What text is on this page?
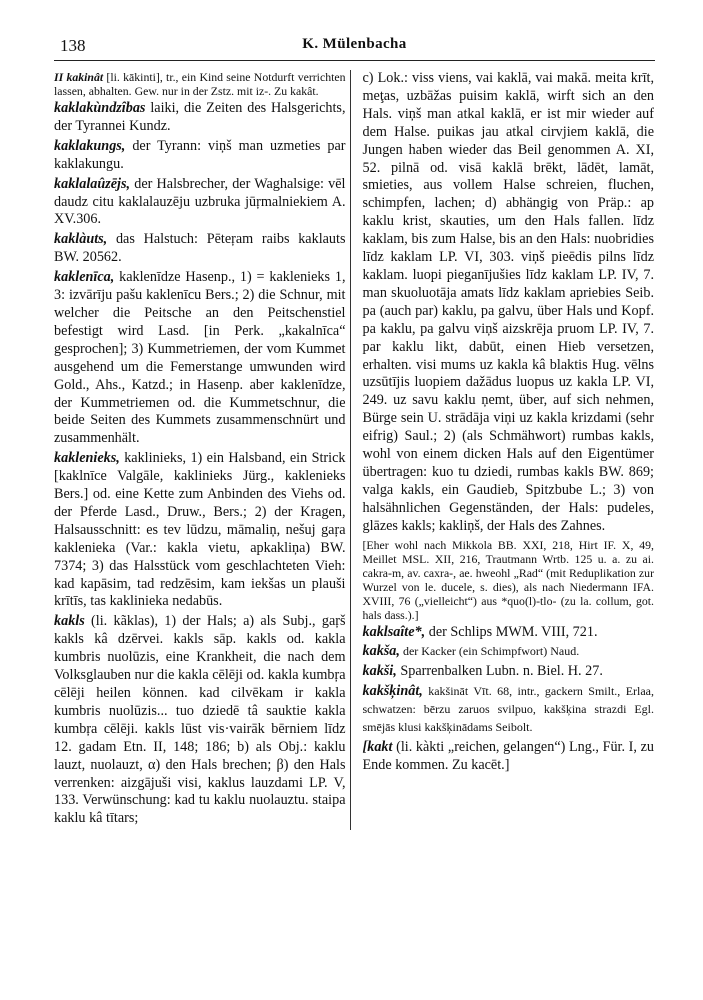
138	K. Mülenbacha

II kakinât [li. kākinti], tr., ein Kind seine Notdurft verrichten lassen, abhalten. Gew. nur in der Zstz. mit iz-. Zu kakât.

kaklakùndzîbas laiki, die Zeiten des Halsgerichts, der Tyrannei Kundz.

kaklakungs, der Tyrann: viņš man uzmeties par kaklakungu.

kaklalaûzējs, der Halsbrecher, der Waghalsige: vēl daudz citu kaklalauzēju uzbruka jūŗmalniekiem A. XV.306.

kaklàuts, das Halstuch: Pēteŗam raibs kaklauts BW. 20562.

kaklenīca, kaklenīdze Hasenp., 1) = kaklenieks 1, 3: izvārīju pašu kaklenīcu Bers.; 2) die Schnur, mit welcher die Peitsche an den Peitschenstiel befestigt wird Lasd. [in Perk. „kakalnīca“ gesprochen]; 3) Kummetriemen, der vom Kummet ausgehend um die Femerstange umwunden wird Gold., Ahs., Katzd.; in Hasenp. aber kaklenīdze, der Kummetriemen od. die Kummetschnur, die beide Seiten des Kummets zusammenschnürt und zusammenhält.

kaklenieks, kaklinieks, 1) ein Halsband, ein Strick [kaklnīce Valgāle, kaklinieks Jürg., kaklenieks Bers.] od. eine Kette zum Anbinden des Viehs od. der Pferde Lasd., Druw., Bers.; 2) der Kragen, Halsausschnitt: es tev lūdzu, māmaliņ, nešuj gaŗa kaklenieka (Var.: kakla vietu, apkakliņa) BW. 7374; 3) das Halsstück vom geschlachteten Vieh: kad kapāsim, tad redzēsim, kam iekšas un plauši krītīs, tas kaklinieka nedabūs.

kakls (li. kãklas), 1) der Hals; a) als Subj., gaŗš kakls kâ dzērvei. kakls sāp. kakls od. kakla kumbris nuolūzis, eine Krankheit, die nach dem Volksglauben nur die kakla cēlēji od. kakla kumbŗa cēlēji heilen können. kad cilvēkam ir kakla kumbris nuolūzis... tuo dziedē tâ sauktie kakla kumbŗa cēlēji. kakls lūst vis·vairāk bērniem līdz 12. gadam Etn. II, 148; 186; b) als Obj.: kaklu lauzt, nuolauzt, α) den Hals brechen; β) den Hals verrenken: aizgājuši visi, kaklus lauzdami LP. V, 133. Verwünschung: kad tu kaklu nuolauztu. staipa kaklu kâ tītars;

c) Lok.: viss viens, vai kaklā, vai makā. meita krīt, meţas, uzbāžas puisim kaklā, wirft sich an den Hals. viņš man atkal kaklā, er ist mir wieder auf dem Halse. puikas jau atkal cirvjiem kaklā, die Jungen haben wieder das Beil genommen A. XI, 52. pilnā od. visā kaklā brēkt, lādēt, lamāt, smieties, aus vollem Halse schreien, fluchen, schimpfen, lachen; d) abhängig von Präp.: ap kaklu krist, skauties, um den Hals fallen. līdz kaklam, bis zum Halse, bis an den Hals: nuobridies līdz kaklam LP. VI, 303. viņš pieēdis pilns līdz kaklam. luopi pieganījušies līdz kaklam LP. IV, 7. man skuoluotāja amats līdz kaklam apriebies Seib. pa (auch par) kaklu, pa galvu, über Hals und Kopf. pa kaklu, pa galvu viņš aizskrēja pruom LP. IV, 7. par kaklu likt, dabūt, einen Hieb versetzen, erhalten. visi mums uz kakla kâ blaktis Hug. vēlns uzsūtījis luopiem dažādus luopus uz kakla LP. VI, 249. uz savu kaklu ņemt, über, auf sich nehmen, Bürge sein U. strādāja viņi uz kakla krizdami (sehr eifrig) Saul.; 2) (als Schmähwort) rumbas kakls, wohl von einem dicken Hals auf den Eigentümer übertragen: kuo tu dziedi, rumbas kakls BW. 869; valga kakls, ein Gaudieb, Spitzbube L.; 3) von halsähnlichen Gegenständen, der Hals: pudeles, glāzes kakls; kakliņš, der Hals des Zahnes.

[Eher wohl nach Mikkola BB. XXI, 218, Hirt IF. X, 49, Meillet MSL. XII, 216, Trautmann Wrtb. 125 u. a. zu ai. cakra-m, av. caxra-, ae. hweohl „Rad“ (mit Reduplikation zur Wurzel von le. ducele, s. dies), als nach Niedermann IFA. XVIII, 76 („vielleicht“) aus *quo(l)-tlo- (zu la. collum, got. hals dass.).]

kaklsaîte*, der Schlips MWM. VIII, 721.

kakša, der Kacker (ein Schimpfwort) Naud.

kakši, Sparrenbalken Lubn. n. Biel. H. 27.

kakšķinât, kakšināt Vīt. 68, intr., gackern Smilt., Erlaa, schwatzen: bērzu zaruos svilpuo, kakšķina strazdi Egl. smējās klusi kakšķinādams Seibolt.

[kakt (li. kàkti „reichen, gelangen“) Lng., Für. I, zu Ende kommen. Zu kacēt.]
